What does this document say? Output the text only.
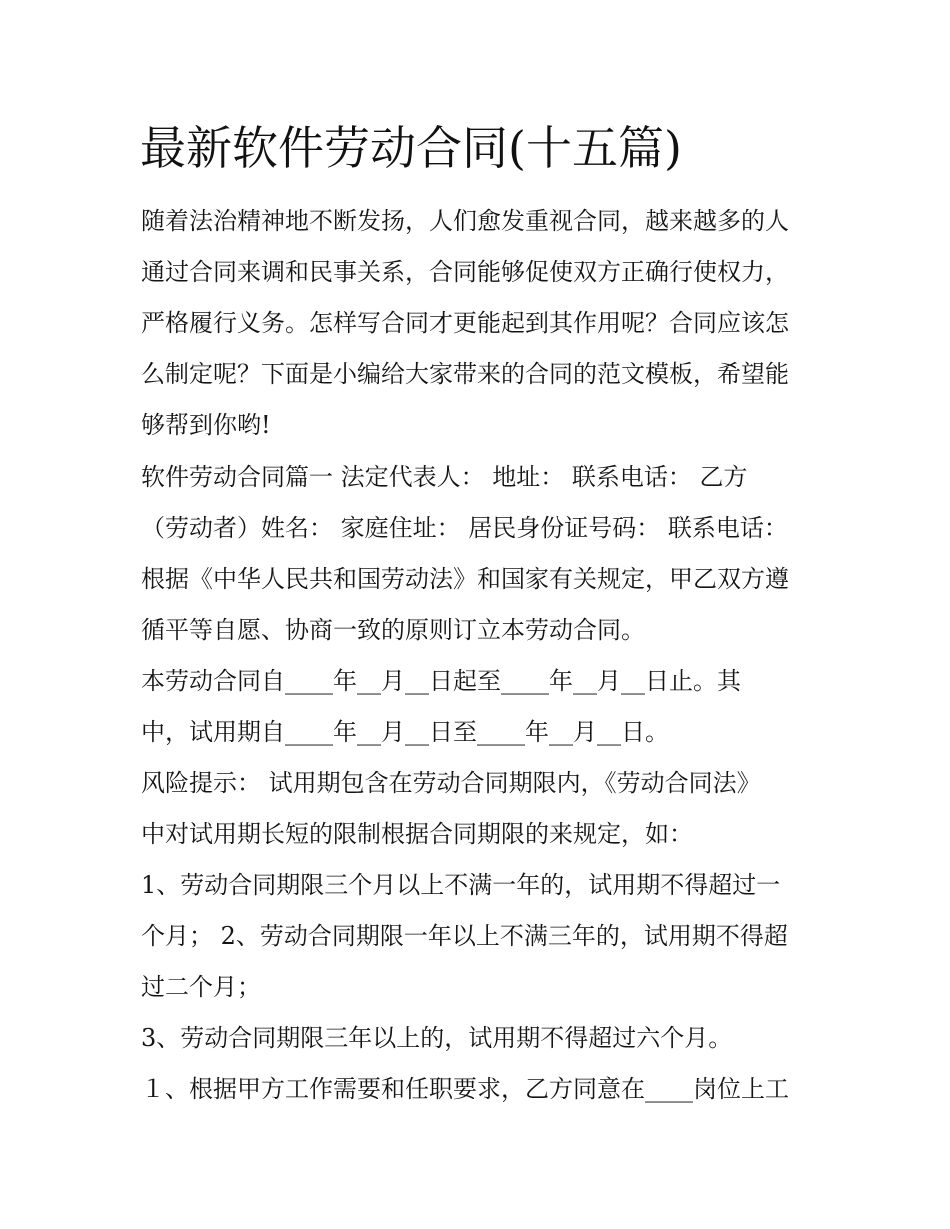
最新软件劳动合同(十五篇)
随着法治精神地不断发扬，人们愈发重视合同，越来越多的人
通过合同来调和民事关系，合同能够促使双方正确行使权力，
严格履行义务。怎样写合同才更能起到其作用呢？合同应该怎
么制定呢？下面是小编给大家带来的合同的范文模板，希望能
够帮到你哟!
软件劳动合同篇一 法定代表人： 地址： 联系电话： 乙方
（劳动者）姓名： 家庭住址： 居民身份证号码： 联系电话：
根据《中华人民共和国劳动法》和国家有关规定，甲乙双方遵
循平等自愿、协商一致的原则订立本劳动合同。
本劳动合同自____年__月__日起至____年__月__日止。其
中，试用期自____年__月__日至____年__月__日。
风险提示： 试用期包含在劳动合同期限内，《劳动合同法》
中对试用期长短的限制根据合同期限的来规定，如：
1、劳动合同期限三个月以上不满一年的，试用期不得超过一
个月； 2、劳动合同期限一年以上不满三年的，试用期不得超
过二个月；
3、劳动合同期限三年以上的，试用期不得超过六个月。
１、根据甲方工作需要和任职要求，乙方同意在____岗位上工
